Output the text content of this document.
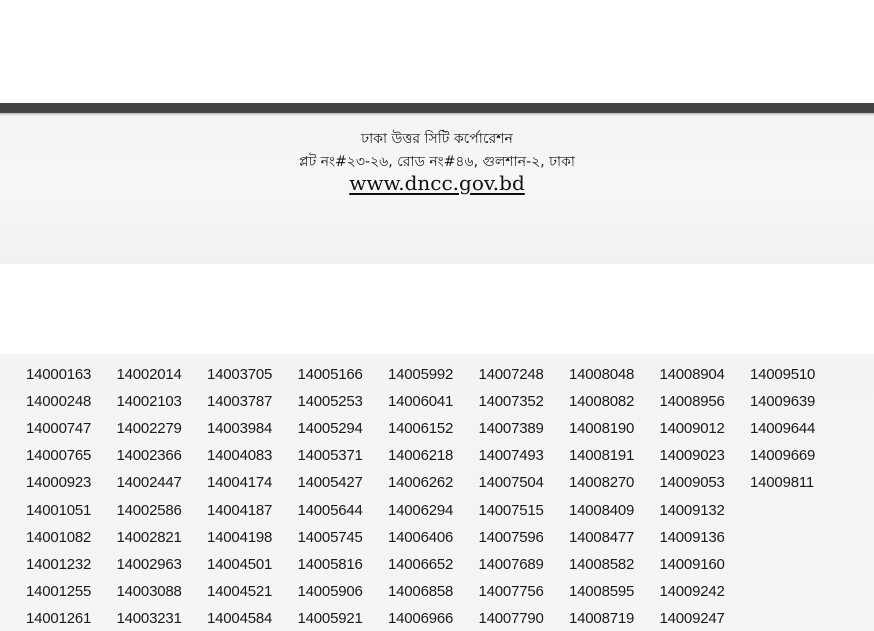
ঢাকা উত্তর সিটি কর্পোরেশন
প্লট নং#২৩-২৬, রোড নং#৪৬, গুলশান-২, ঢাকা
www.dncc.gov.bd
14000163
14000248
14000747
14000765
14000923
14001051
14001082
14001232
14001255
14001261
14002014
14002103
14002279
14002366
14002447
14002586
14002821
14002963
14003088
14003231
14003705
14003787
14003984
14004083
14004174
14004187
14004198
14004501
14004521
14004584
14005166
14005253
14005294
14005371
14005427
14005644
14005745
14005816
14005906
14005921
14005992
14006041
14006152
14006218
14006262
14006294
14006406
14006652
14006858
14006966
14007248
14007352
14007389
14007493
14007504
14007515
14007596
14007689
14007756
14007790
14008048
14008082
14008190
14008191
14008270
14008409
14008477
14008582
14008595
14008719
14008904
14008956
14009012
14009023
14009053
14009132
14009136
14009160
14009242
14009247
14009510
14009639
14009644
14009669
14009811
